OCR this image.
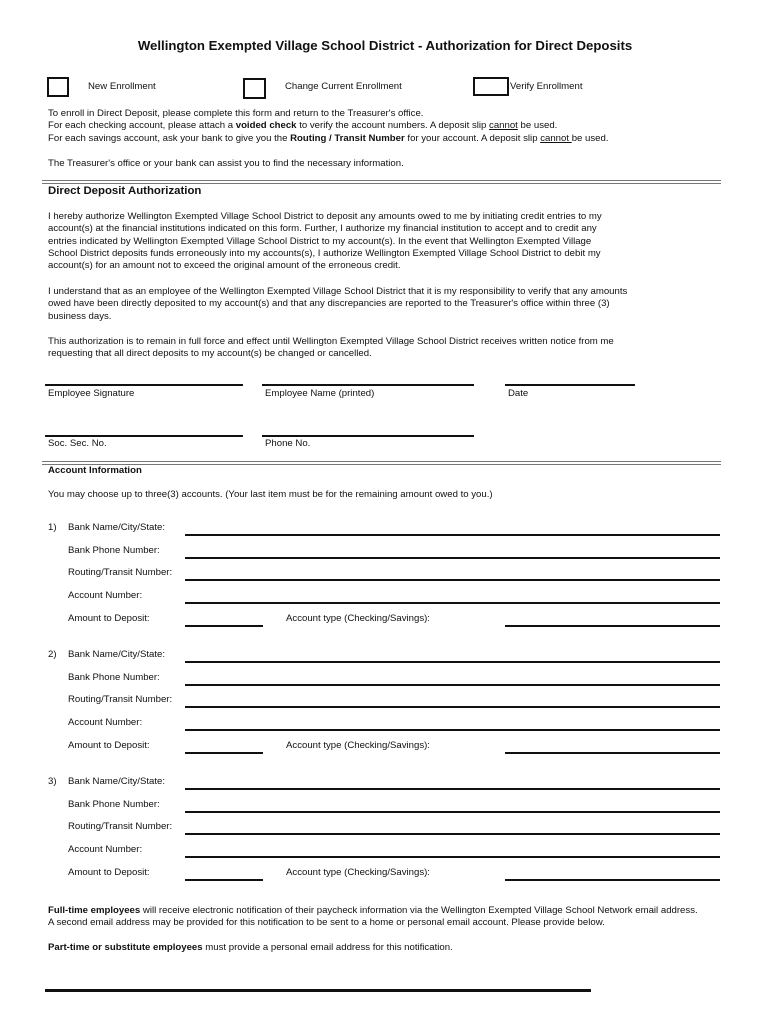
Wellington Exempted Village School District - Authorization for Direct Deposits
New Enrollment	Change Current Enrollment	Verify Enrollment
To enroll in Direct Deposit, please complete this form and return to the Treasurer's office.
For each checking account, please attach a voided check to verify the account numbers. A deposit slip cannot be used.
For each savings account, ask your bank to give you the Routing / Transit Number for your account. A deposit slip cannot be used.
The Treasurer's office or your bank can assist you to find the necessary information.
Direct Deposit Authorization
I hereby authorize Wellington Exempted Village School District to deposit any amounts owed to me by initiating credit entries to my
account(s) at the financial institutions indicated on this form. Further, I authorize my financial institution to accept and to credit any
entries indicated by Wellington Exempted Village School District to my account(s). In the event that Wellington Exempted Village
School District deposits funds erroneously into my accounts(s), I authorize Wellington Exempted Village School District to debit my
account(s) for an amount not to exceed the original amount of the erroneous credit.
I understand that as an employee of the Wellington Exempted Village School District that it is my responsibility to verify that any amounts
owed have been directly deposited to my account(s) and that any discrepancies are reported to the Treasurer's office within three (3)
business days.
This authorization is to remain in full force and effect until Wellington Exempted Village School District receives written notice from me
requesting that all direct deposits to my account(s) be changed or cancelled.
Employee Signature	Employee Name (printed)	Date
Soc. Sec. No.	Phone No.
Account Information
You may choose up to three(3) accounts. (Your last item must be for the remaining amount owed to you.)
1) Bank Name/City/State:
Bank Phone Number:
Routing/Transit Number:
Account Number:
Amount to Deposit:	Account type (Checking/Savings):
2) Bank Name/City/State:
Bank Phone Number:
Routing/Transit Number:
Account Number:
Amount to Deposit:	Account type (Checking/Savings):
3) Bank Name/City/State:
Bank Phone Number:
Routing/Transit Number:
Account Number:
Amount to Deposit:	Account type (Checking/Savings):
Full-time employees will receive electronic notification of their paycheck information via the Wellington Exempted Village School Network email address.
A second email address may be provided for this notification to be sent to a home or personal email account. Please provide below.
Part-time or substitute employees must provide a personal email address for this notification.
